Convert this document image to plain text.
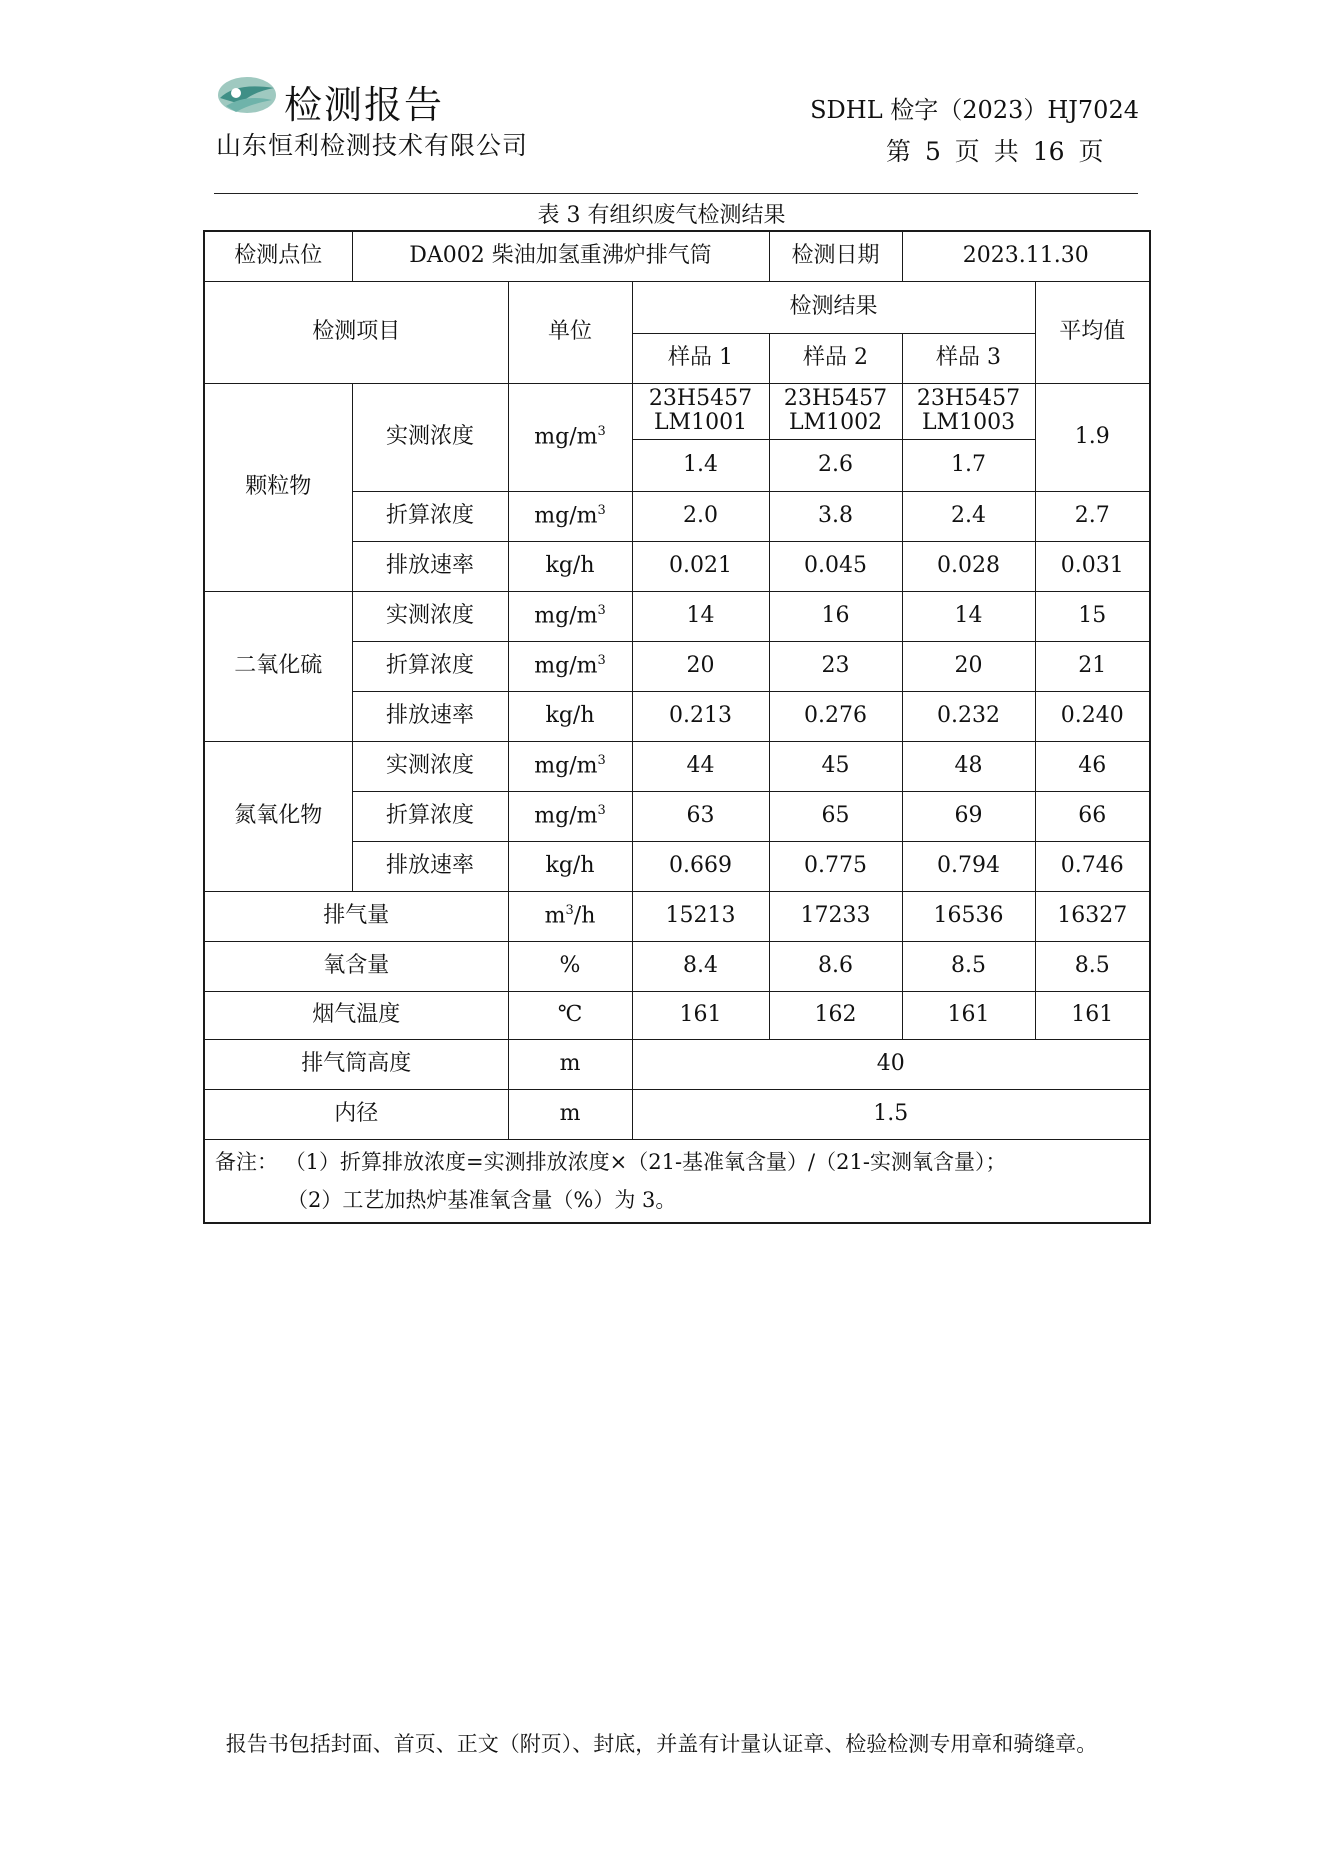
检测报告
山东恒利检测技术有限公司
SDHL 检字（2023）HJ7024
第 5 页 共 16 页
表 3 有组织废气检测结果
检测点位	DA002 柴油加氢重沸炉排气筒			检测日期	2023.11.30	
检测项目		单位	检测结果			平均值
			样品 1	样品 2	样品 3	
颗粒物	实测浓度	$mg/m^3$	23H5457 LM1001	23H5457 LM1002	23H5457 LM1003	1.9
			1.4	2.6	1.7	
	折算浓度	$mg/m^3$	2.0	3.8	2.4	2.7
	排放速率	kg/h	0.021	0.045	0.028	0.031
二氧化硫	实测浓度	$mg/m^3$	14	16	14	15
	折算浓度	$mg/m^3$	20	23	20	21
	排放速率	kg/h	0.213	0.276	0.232	0.240
氮氧化物	实测浓度	$mg/m^3$	44	45	48	46
	折算浓度	$mg/m^3$	63	65	69	66
	排放速率	kg/h	0.669	0.775	0.794	0.746
排气量		$m^3/h$	15213	17233	16536	16327
氧含量		%	8.4	8.6	8.5	8.5
烟气温度		℃	161	162	161	161
排气筒高度		m	40			
内径		m	1.5			

备注： （1）折算排放浓度=实测排放浓度×（21-基准氧含量）/（21-实测氧含量）；
（2）工艺加热炉基准氧含量（%）为 3。						
报告书包括封面、首页、正文（附页）、封底，并盖有计量认证章、检验检测专用章和骑缝章。
